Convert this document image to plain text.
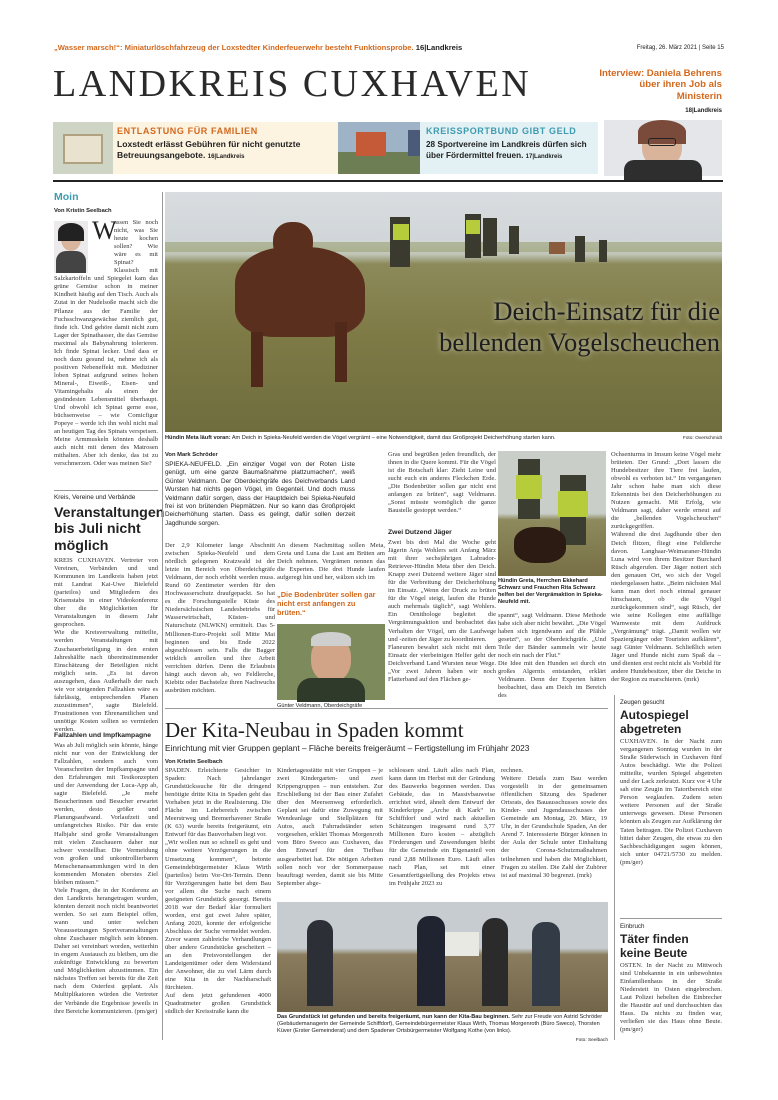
„Wasser marsch!“: Miniaturlöschfahrzeug der Loxstedter Kinderfeuerwehr besteht Funktionsprobe. 16|Landkreis	Freitag, 26. März 2021 | Seite 15
LANDKREIS CUXHAVEN	Interview: Daniela Behrens über ihren Job als Ministerin
18|Landkreis
ENTLASTUNG FÜR FAMILIEN
Loxstedt erlässt Gebühren für nicht genutzte Betreuungsangebote. 16|Landkreis
KREISSPORTBUND GIBT GELD
28 Sportvereine im Landkreis dürfen sich über Fördermittel freuen. 17|Landkreis
Moin
Von Kristin Seelbach
W
assen Sie noch nicht, was Sie heute kochen sollen? Wie wäre es mit Spinat? Klassisch mit Salzkartoffeln und Spiegelei kam das grüne Gemüse schon in meiner Kindheit häufig auf den Tisch. Auch als Zutat in der Nudelsoße macht sich die Pflanze aus der Familie der Fuchsschwanzgewächse ziemlich gut, finde ich. Und gehöre damit nicht zum Lager der Spinathasser, die das Gemüse maximal als Babynahrung tolerieren. Ich finde Spinat lecker. Und dass er noch dazu gesund ist, nehme ich als positiven Nebeneffekt mit. Mediziner loben Spinat aufgrund seines hohen Mineral-, Eiweiß-, Eisen- und Vitamingehalts als einen der gesündesten Lebensmittel überhaupt. Und obwohl ich Spinat gerne esse, büchsenweise – wie Comicfigur Popeye – werde ich ihn wohl nicht mal an heutigen Tag des Spinats verspeisen. Meine Armmuskeln könnten deshalb auch nicht mit denen des Matrosen mithalten. Aber ich denke, das ist zu verschmerzen. Oder was meinen Sie?
Kreis, Vereine und Verbände
Veranstaltungen bis Juli nicht möglich
KREIS CUXHAVEN. Vertreter von Vereinen, Verbänden und und Kommunen im Landkreis haben jetzt mit Landrat Kai-Uwe Bielefeld (parteilos) und Mitgliedern des Krisenstabs in einer Videokonferenz über die Möglichkeiten für Veranstaltungen in diesem Jahr gesprochen.
Wie die Kreisverwaltung mitteilte, werden Veranstaltungen mit Zuschauerbeteiligung in den ersten Jahreshälfte nach übereinstimmender Einschätzung der Beteiligten nicht möglich sein. „Es ist davon auszugehen, dass Außerhalb der nach wie vor steigenden Fallzahlen wäre es fahrlässig, entsprechenden Planen zuzustimmen“, sagte Bielefeld. Frustrationen von Ehrenamtlichen und unnötige Kosten sollten so vermieden werden.
Fallzahlen und Impfkampagne
Was ab Juli möglich sein könnte, hänge nicht nur von der Entwicklung der Fallzahlen, sondern auch vom Voranschreiten der Impfkampagne und den Erfahrungen mit Testkonzepten und der Anwendung der Luca-App ab, sagte Bielefeld. „Je mehr Besucherinnen und Besucher erwartet werden, desto größer und Planungsaufwand. Vorlaufzeit und umfangreiches Risiko. Für das erste Halbjahr sind große Veranstaltungen mit vielen Zuschauern daher nur schwer vorstellbar. Die Vermeidung von großen und unkontrollierbaren Menschenansammlungen wird in den kommenden Monaten oberstes Ziel bleiben müssen.“
Viele Fragen, die in der Konferenz an den Landkreis herangetragen wurden, könnten derzeit noch nicht beantwortet werden. So sei zum Beispiel offen, wann und unter welchen Voraussetzungen Sportveranstaltungen ohne Zuschauer möglich sein können. Daher sei vereinbart worden, weiterhin in engem Austausch zu bleiben, um die zukünftige Entwicklung zu bewerten und Möglichkeiten abzustimmen. Ein nächstes Treffen sei bereits für die Zeit nach dem Osterfest geplant. Als Multiplikatoren würden die Vertreter der Verbände die Ergebnisse jeweils in ihre Bereiche kommunizieren. (pm/ger)
Deich-Einsatz für die bellenden Vogelscheuchen
Hündin Meta läuft voran: Am Deich in Spieka-Neufeld werden die Vögel vergrämt – eine Notwendigkeit, damit das Großprojekt Deicherhöhung starten kann.	Foto: Overschmidt
Von Mark Schröder
SPIEKA-NEUFELD. „Ein einziger Vogel von der Roten Liste genügt, um eine ganze Baumaßnahme plattzumachen“, weiß Günter Veldmann. Der Oberdeichgräfe des Deichverbands Land Wursten hat nichts gegen Vögel, im Gegenteil. Und doch muss Veldmann dafür sorgen, dass der Hauptdeich bei Spieka-Neufeld frei ist von brütenden Piepmätzen. Nur so kann das Großprojekt Deicherhöhung starten. Dass es gelingt, dafür sollen derzeit Jagdhunde sorgen.
Der 2,9 Kilometer lange Abschnitt zwischen Spieka-Neufeld und dem nördlich gelegenen Kratzwald ist der letzte im Bereich von Oberdeichgräfe Veldmann, der noch erhöht werden muss. Rund 60 Zentimeter werden für den Hochwasserschutz draufgepackt. So hat es die Forschungsstelle Küste des Niedersächsischen Landesbetriebs für Wasserwirtschaft, Küsten- und Naturschutz (NLWKN) ermittelt. Das 5-Millionen-Euro-Projekt soll Mitte Mai beginnen und bis Ende 2022 abgeschlossen sein. Falls die Bagger wirklich anrollen und ihre Arbeit verrichten dürfen. Denn die Erlaubnis hängt auch davon ab, wo Feldlerche, Kiebitz oder Bachstelze ihren Nachwuchs ausbrüten möchten.
An diesem Nachmittag sollen Meta, Greta und Luna die Lust am Brüten am Deich nehmen. Vergrämen nennen das die Experten. Die drei Hunde laufen aufgeregt hin und her, wälzen sich im
„Die Bodenbrüter sollen gar nicht erst anfangen zu brüten.“
Günter Veldmann, Oberdeichgräfe
Gras und begrüßen jeden freundlich, der ihnen in die Quere kommt. Für die Vögel ist die Botschaft klar: Zieht Leine und sucht euch ein anderes Fleckchen Erde. „Die Bodenbrüter sollen gar nicht erst anfangen zu brüten“, sagt Veldmann. „Sonst müsste womöglich die ganze Baustelle gestoppt werden.“
Zwei Dutzend Jäger
Zwei bis drei Mal die Woche geht Jägerin Anja Wohlers seit Anfang März mit ihrer sechsjährigen Labrador-Retriever-Hündin Meta über den Deich. Knapp zwei Dutzend weitere Jäger sind für die Verbreitung der Deicherhöhung im Einsatz. „Wenn der Druck zu brüten für die Vögel steigt, laufen die Hunde auch mehrmals täglich“, sagt Wohlers. Ein Ornithologe begleitet die Vergrämungsaktion und beobachtet das Verhalten der Vögel, um die Laufwege und -zeiten der Jäger zu koordinieren.
Flaneuren bewahrt sich nicht mit dem Einsatz der vierbeinigen Helfer geht der Deichverband Land Wursten neue Wege. „Vor zwei Jahren haben wir noch Flatterband auf den Flächen ge-
Hündin Greta, Herrchen Ekkehard Schwarz und Frauchen Rita Schwarz helfen bei der Vergrämaktion in Spieka-Neufeld mit.
spannt“, sagt Veldmann. Diese Methode habe sich aber nicht bewährt. „Die Vögel haben sich irgendwann auf die Pfähle gesetzt“, so der Oberdeichgräfe. „Und Teile der Bänder sammeln wir heute noch ein nach der Flut.“
Die Idee mit den Hunden sei durch ein großes Algernis entstanden, erklärt Veldmann. Denn der Experten hätten beobachtet, dass am Deich im Bereich des
Ochsenturms in Imsum keine Vögel mehr brüteten. Der Grund: „Dort lassen die Hundebesitzer ihre Tiere frei laufen, obwohl es verboten ist.“ Im vergangenen Jahr schon habe man sich diese Erkenntnis bei den Deicherhöhungen zu Nutzen gemacht. Mit Erfolg, wie Veldmann sagt, daher werde erneut auf die „bellenden Vogelscheuchen“ zurückgegriffen.
Während die drei Jagdhunde über den Deich flitzen, fliegt eine Feldlerche davon. Langhaar-Weimaraner-Hündin Luna wird von ihrem Besitzer Burchard Rüsch abgerufen. Der Jäger notiert sich den genauen Ort, wo sich der Vogel niedergelassen hatte. „Beim nächsten Mal kann man dort noch einmal genauer hinschauen, ob die Vögel zurückgekommen sind“, sagt Rüsch, der wie seine Kollegen eine auffällige Warnweste mit dem Aufdruck „Vergrämung“ trägt. „Damit wollen wir Spaziergänger oder Touristen aufklären“, sagt Günter Veldmann. Schließlich seien Jäger und Hunde nicht zum Spaß da – und dienten erst recht nicht als Vorbild für andere Hundebesitzer, über die Deiche in der Region zu marschieren. (mrk)
Der Kita-Neubau in Spaden kommt
Einrichtung mit vier Gruppen geplant – Fläche bereits freigeräumt – Fertigstellung im Frühjahr 2023
Von Kristin Seelbach
SPADEN. Erleichterte Gesichter in Spaden: Nach jahrelanger Grundstückssuche für die dringend benötigte dritte Kita in Spaden geht das Vorhaben jetzt in die Realisierung. Die Fläche im Lehrbereich zwischen Meerstrweg und Bremerhavener Straße (K 63) wurde bereits freigeräumt, ein Entwurf für das Bauvorhaben liegt vor.
„Wir wollen nun so schnell es geht und ohne weitere Verzögerungen in die Umsetzung kommen“, betonte Gemeindebürgermeister Klaus Wirth (parteilos) beim Vor-Ort-Termin. Denn für Verzögerungen hatte bei dem Bau vor allem die Suche nach einem geeigneten Grundstück gesorgt. Bereits 2018 war der Bedarf klar formuliert worden, erst gut zwei Jahre später, Anfang 2020, konnte der erfolgreiche Abschluss der Suche vermeldet werden. Zuvor waren zahlreiche Verhandlungen über andere Grundstücke gescheitert – an den Preisvorstellungen der Landeigentümer oder dem Widerstand der Anwohner, die zu viel Lärm durch eine Kita in der Nachbarschaft fürchteten.
Auf dem jetzt gefundenen 4000 Quadratmeter großen Grundstück südlich der Kreisstraße kann die
Kindertagesstätte mit vier Gruppen – je zwei Kindergarten- und zwei Krippengruppen – nun entstehen. Zur Erschließung ist der Bau einer Zufahrt über den Meersenweg erforderlich. Geplant sei dafür eine Zuwegung mit Wendeanlage und Stellplätzen für Autos, auch Fahrradständer seien vorgesehen, erklärt Thomas Morgenroth vom Büro Sweco aus Cuxhaven, das den Entwurf für den Tiefbau ausgearbeitet hat. Die nötigen Arbeiten sollen noch vor der Sommerpause beauftragt werden, damit sie bis Mitte September abge-
schlossen sind. Läuft alles nach Plan, kann dann im Herbst mit der Gründung des Bauwerks begonnen werden. Das Gebäude, das in Massivbauweise errichtet wird, ähnelt dem Entwurf der Kinderkrippe „Arche di Kark“ in Schiffdorf und wird nach aktuellen Schätzungen insgesamt rund 3,77 Millionen Euro kosten – abzüglich Förderungen und Zuwendungen bleibt für die Gemeinde ein Eigenanteil von rund 2,88 Millionen Euro. Läuft alles nach Plan, sei mit einer Gesamtfertigstellung des Projekts etwa im Frühjahr 2023 zu
rechnen.
Weitere Details zum Bau werden vorgestellt in der gemeinsamen öffentlichen Sitzung des Spadener Ortsrats, des Bauausschusses sowie des Kinder- und Jugendausschusses der Gemeinde am Montag, 29. März, 19 Uhr, in der Grundschule Spaden, An der Arend 7. Interessierte Bürger können in der Aula der Schule unter Einhaltung der Corona-Schutzmaßnahmen teilnehmen und haben die Möglichkeit, Fragen zu stellen. Die Zahl der Zuhörer ist auf maximal 30 begrenzt. (mrk)
Das Grundstück ist gefunden und bereits freigeräumt, nun kann der Kita-Bau beginnen. Sehr zur Freude von Astrid Schröder (Gebäudemanagerin der Gemeinde Schiffdorf), Gemeindebürgermeister Klaus Wirth, Thomas Morgenroth (Büro Sweco), Thorsten Küver (Erster Gemeinderat) und dem Spadener Ortsbürgermeister Wolfgang Kothe (von links).
Foto: Seelbach
Zeugen gesucht
Autospiegel abgetreten
CUXHAVEN. In der Nacht zum vergangenen Sonntag wurden in der Straße Süderwisch in Cuxhaven fünf Autos beschädigt. Wie die Polizei mitteilte, wurden Spiegel abgetreten und der Lack zerkratzt. Kurz vor 4 Uhr sah eine Zeugin im Tatortbereich eine Person weglaufen. Zudem seien weitere Personen auf der Straße unterwegs gewesen. Diese Personen könnten als Zeugen zur Aufklärung der Taten beitragen. Die Polizei Cuxhaven bittet daher Zeugen, die etwas zu den Sachbeschädigungen sagen können, sich unter 04721/5730 zu melden. (pm/ger)
Einbruch
Täter finden keine Beute
OSTEN. In der Nacht zu Mittwoch sind Unbekannte in ein unbewohntes Einfamilienhaus in der Straße Niedersteit in Osten eingebrochen. Laut Polizei hebelten die Einbrecher die Haustür auf und durchsuchten das Haus. Da nichts zu finden war, verließen sie das Haus ohne Beute. (pm/ger)
